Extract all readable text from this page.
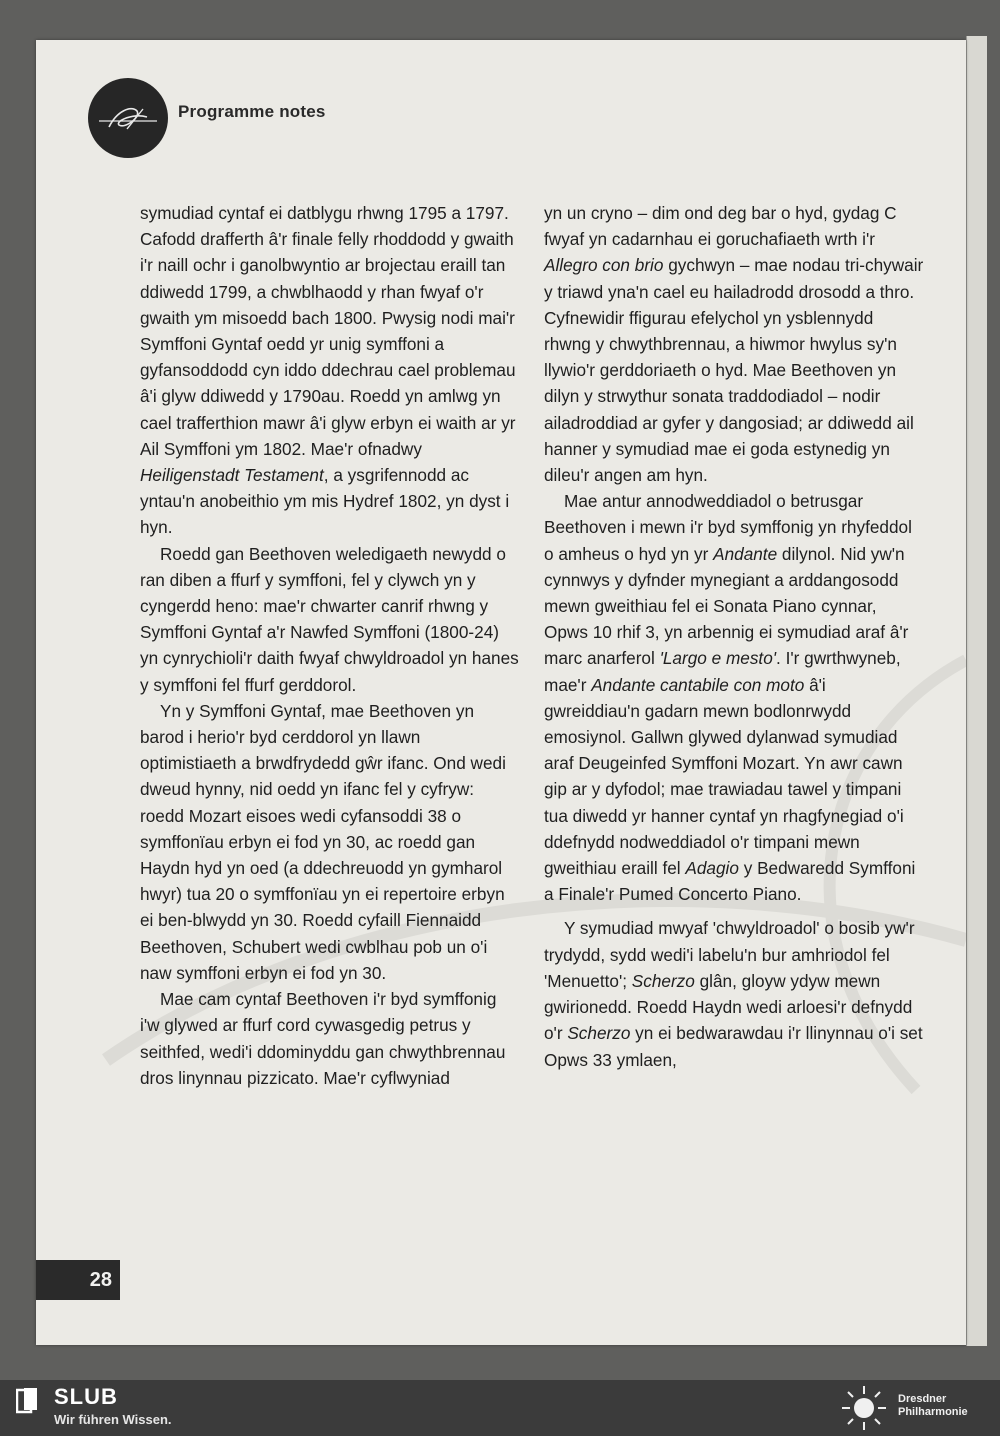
Programme notes

symudiad cyntaf ei datblygu rhwng 1795 a 1797. Cafodd drafferth â'r finale felly rhoddodd y gwaith i'r naill ochr i ganolbwyntio ar brojectau eraill tan ddiwedd 1799, a chwblhaodd y rhan fwyaf o'r gwaith ym misoedd bach 1800. Pwysig nodi mai'r Symffoni Gyntaf oedd yr unig symffoni a gyfansoddodd cyn iddo ddechrau cael problemau â'i glyw ddiwedd y 1790au. Roedd yn amlwg yn cael trafferthion mawr â'i glyw erbyn ei waith ar yr Ail Symffoni ym 1802. Mae'r ofnadwy Heiligenstadt Testament, a ysgrifennodd ac yntau'n anobeithio ym mis Hydref 1802, yn dyst i hyn.

Roedd gan Beethoven weledigaeth newydd o ran diben a ffurf y symffoni, fel y clywch yn y cyngerdd heno: mae'r chwarter canrif rhwng y Symffoni Gyntaf a'r Nawfed Symffoni (1800-24) yn cynrychioli'r daith fwyaf chwyldroadol yn hanes y symffoni fel ffurf gerddorol.

Yn y Symffoni Gyntaf, mae Beethoven yn barod i herio'r byd cerddorol yn llawn optimistiaeth a brwdfrydedd gŵr ifanc. Ond wedi dweud hynny, nid oedd yn ifanc fel y cyfryw: roedd Mozart eisoes wedi cyfansoddi 38 o symffonïau erbyn ei fod yn 30, ac roedd gan Haydn hyd yn oed (a ddechreuodd yn gymharol hwyr) tua 20 o symffonïau yn ei repertoire erbyn ei ben-blwydd yn 30. Roedd cyfaill Fiennaidd Beethoven, Schubert wedi cwblhau pob un o'i naw symffoni erbyn ei fod yn 30.

Mae cam cyntaf Beethoven i'r byd symffonig i'w glywed ar ffurf cord cywasgedig petrus y seithfed, wedi'i ddominyddu gan chwythbrennau dros linynnau pizzicato. Mae'r cyflwyniad

yn un cryno – dim ond deg bar o hyd, gydag C fwyaf yn cadarnhau ei goruchafiaeth wrth i'r Allegro con brio gychwyn – mae nodau tri-chywair y triawd yna'n cael eu hailadrodd drosodd a thro. Cyfnewidir ffigurau efelychol yn ysblennydd rhwng y chwythbrennau, a hiwmor hwylus sy'n llywio'r gerddoriaeth o hyd. Mae Beethoven yn dilyn y strwythur sonata traddodiadol – nodir ailadroddiad ar gyfer y dangosiad; ar ddiwedd ail hanner y symudiad mae ei goda estynedig yn dileu'r angen am hyn.

Mae antur annodweddiadol o betrusgar Beethoven i mewn i'r byd symffonig yn rhyfeddol o amheus o hyd yn yr Andante dilynol. Nid yw'n cynnwys y dyfnder mynegiant a arddangosodd mewn gweithiau fel ei Sonata Piano cynnar, Opws 10 rhif 3, yn arbennig ei symudiad araf â'r marc anarferol 'Largo e mesto'. I'r gwrthwyneb, mae'r Andante cantabile con moto â'i gwreiddiau'n gadarn mewn bodlonrwydd emosiynol. Gallwn glywed dylanwad symudiad araf Deugeinfed Symffoni Mozart. Yn awr cawn gip ar y dyfodol; mae trawiadau tawel y timpani tua diwedd yr hanner cyntaf yn rhagfynegiad o'i ddefnydd nodweddiadol o'r timpani mewn gweithiau eraill fel Adagio y Bedwaredd Symffoni a Finale'r Pumed Concerto Piano.

Y symudiad mwyaf 'chwyldroadol' o bosib yw'r trydydd, sydd wedi'i labelu'n bur amhriodol fel 'Menuetto'; Scherzo glân, gloyw ydyw mewn gwirionedd. Roedd Haydn wedi arloesi'r defnydd o'r Scherzo yn ei bedwarawdau i'r llinynnau o'i set Opws 33 ymlaen,

28
SLUB
Wir führen Wissen.
Dresdner
Philharmonie
